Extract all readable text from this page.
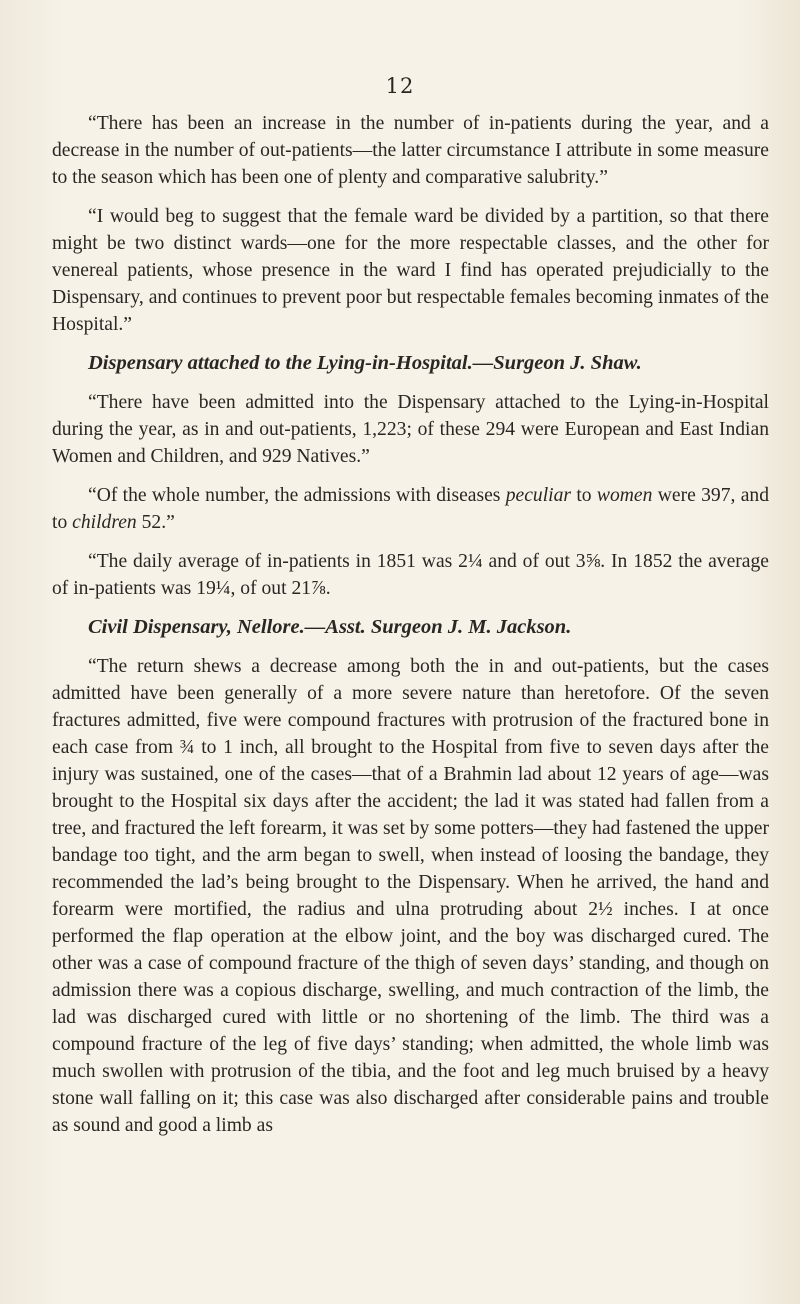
12

“There has been an increase in the number of in-patients during the year, and a decrease in the number of out-patients—the latter circumstance I attribute in some measure to the season which has been one of plenty and comparative salubrity.”

“I would beg to suggest that the female ward be divided by a partition, so that there might be two distinct wards—one for the more respectable classes, and the other for venereal patients, whose presence in the ward I find has operated prejudicially to the Dispensary, and continues to prevent poor but respectable females becoming inmates of the Hospital.”

Dispensary attached to the Lying-in-Hospital.—Surgeon J. Shaw.

“There have been admitted into the Dispensary attached to the Lying-in-Hospital during the year, as in and out-patients, 1,223; of these 294 were European and East Indian Women and Children, and 929 Natives.”

“Of the whole number, the admissions with diseases peculiar to women were 397, and to children 52.”

“The daily average of in-patients in 1851 was 2¼ and of out 3⅝. In 1852 the average of in-patients was 19¼, of out 21⅞.

Civil Dispensary, Nellore.—Asst. Surgeon J. M. Jackson.

“The return shews a decrease among both the in and out-patients, but the cases admitted have been generally of a more severe nature than heretofore. Of the seven fractures admitted, five were compound fractures with protrusion of the fractured bone in each case from ¾ to 1 inch, all brought to the Hospital from five to seven days after the injury was sustained, one of the cases—that of a Brahmin lad about 12 years of age—was brought to the Hospital six days after the accident; the lad it was stated had fallen from a tree, and fractured the left forearm, it was set by some potters—they had fastened the upper bandage too tight, and the arm began to swell, when instead of loosing the bandage, they recommended the lad’s being brought to the Dispensary. When he arrived, the hand and forearm were mortified, the radius and ulna protruding about 2½ inches. I at once performed the flap operation at the elbow joint, and the boy was discharged cured. The other was a case of compound fracture of the thigh of seven days’ standing, and though on admission there was a copious discharge, swelling, and much contraction of the limb, the lad was discharged cured with little or no shortening of the limb. The third was a compound fracture of the leg of five days’ standing; when admitted, the whole limb was much swollen with protrusion of the tibia, and the foot and leg much bruised by a heavy stone wall falling on it; this case was also discharged after considerable pains and trouble as sound and good a limb as
